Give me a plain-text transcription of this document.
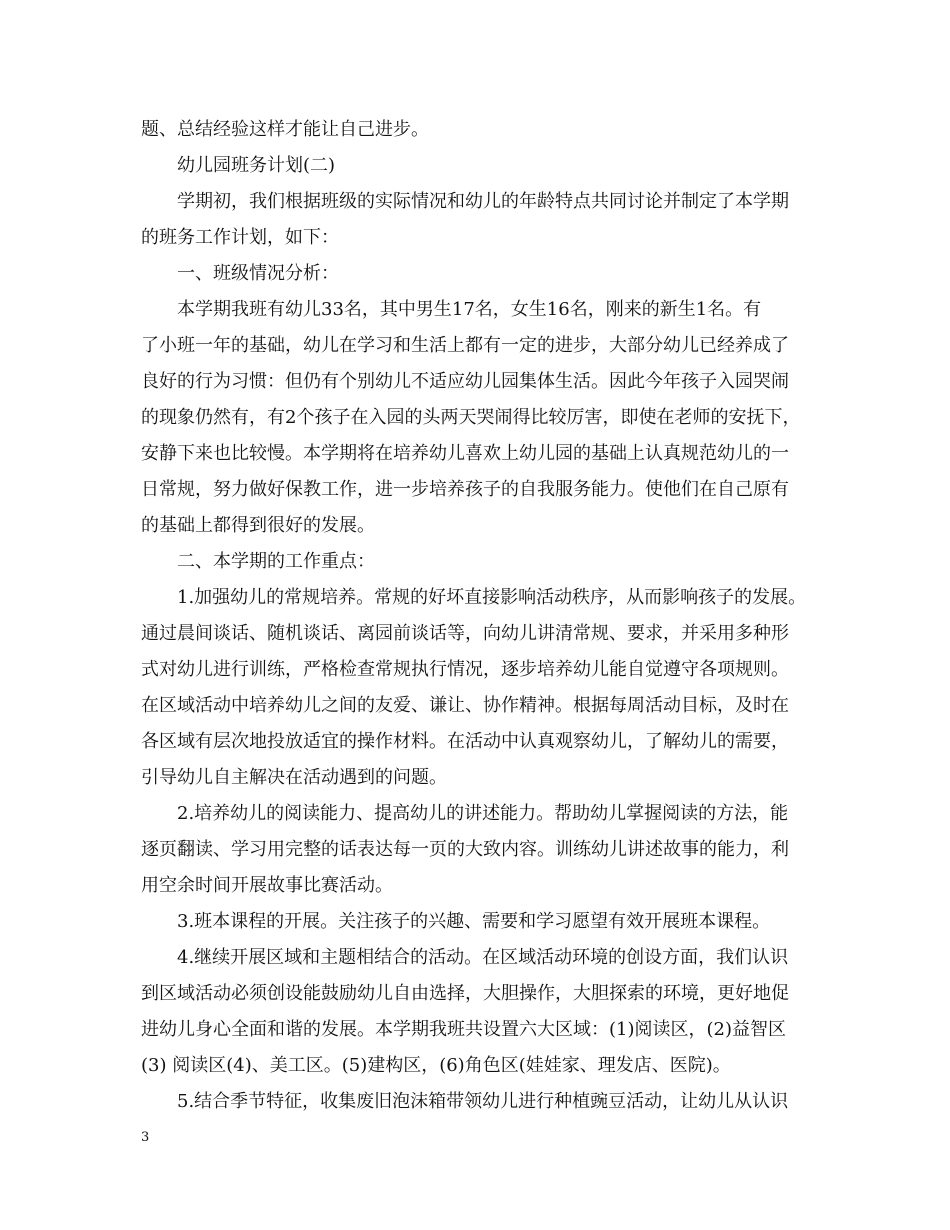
题、总结经验这样才能让自己进步。
　　幼儿园班务计划(二)
　　学期初，我们根据班级的实际情况和幼儿的年龄特点共同讨论并制定了本学期
的班务工作计划，如下：
　　一、班级情况分析：
　　本学期我班有幼儿33名，其中男生17名，女生16名，刚来的新生1名。有
了小班一年的基础，幼儿在学习和生活上都有一定的进步，大部分幼儿已经养成了
良好的行为习惯：但仍有个别幼儿不适应幼儿园集体生活。因此今年孩子入园哭闹
的现象仍然有，有2个孩子在入园的头两天哭闹得比较厉害，即使在老师的安抚下，
安静下来也比较慢。本学期将在培养幼儿喜欢上幼儿园的基础上认真规范幼儿的一
日常规，努力做好保教工作，进一步培养孩子的自我服务能力。使他们在自己原有
的基础上都得到很好的发展。
　　二、本学期的工作重点：
　　1.加强幼儿的常规培养。常规的好坏直接影响活动秩序，从而影响孩子的发展。
通过晨间谈话、随机谈话、离园前谈话等，向幼儿讲清常规、要求，并采用多种形
式对幼儿进行训练，严格检查常规执行情况，逐步培养幼儿能自觉遵守各项规则。
在区域活动中培养幼儿之间的友爱、谦让、协作精神。根据每周活动目标，及时在
各区域有层次地投放适宜的操作材料。在活动中认真观察幼儿，了解幼儿的需要，
引导幼儿自主解决在活动遇到的问题。
　　2.培养幼儿的阅读能力、提高幼儿的讲述能力。帮助幼儿掌握阅读的方法，能
逐页翻读、学习用完整的话表达每一页的大致内容。训练幼儿讲述故事的能力，利
用空余时间开展故事比赛活动。
　　3.班本课程的开展。关注孩子的兴趣、需要和学习愿望有效开展班本课程。
　　4.继续开展区域和主题相结合的活动。在区域活动环境的创设方面，我们认识
到区域活动必须创设能鼓励幼儿自由选择，大胆操作，大胆探索的环境，更好地促
进幼儿身心全面和谐的发展。本学期我班共设置六大区域：(1)阅读区，(2)益智区
(3) 阅读区(4)、美工区。(5)建构区，(6)角色区(娃娃家、理发店、医院)。
　　5.结合季节特征，收集废旧泡沫箱带领幼儿进行种植豌豆活动，让幼儿从认识
3
